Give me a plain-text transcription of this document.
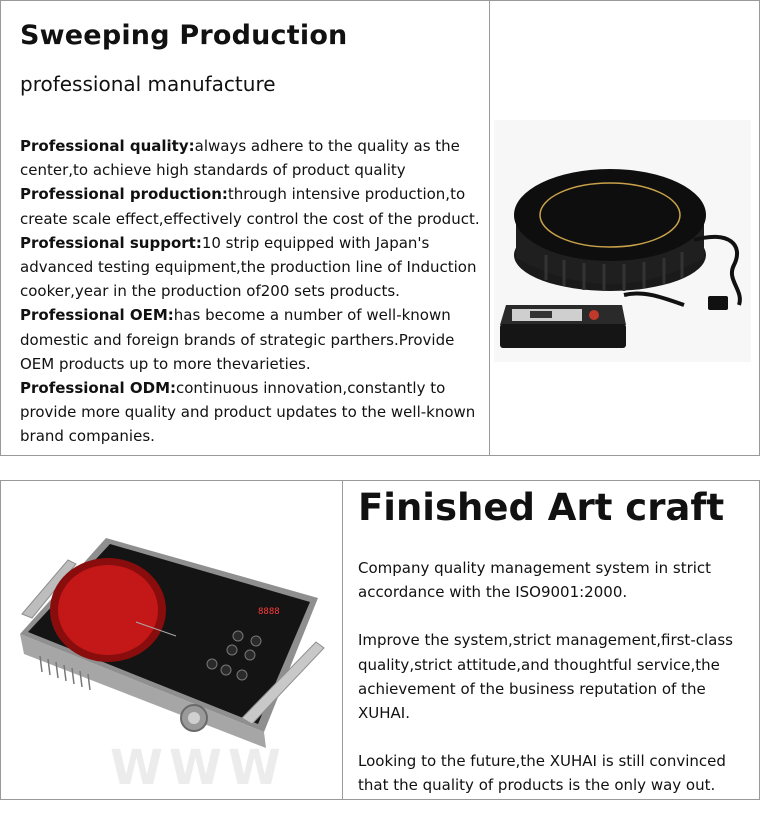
Sweeping Production
professional manufacture

Professional quality:always adhere to the quality as the center,to achieve high standards of product quality

Professional production:through intensive production,to create scale effect,effectively control the cost of the product.

Professional support:10 strip equipped with Japan's advanced testing equipment,the production line of Induction cooker,year in the production of200 sets products.

Professional OEM:has become a number of well-known domestic and foreign brands of strategic parthers.Provide OEM products up to more thevarieties.

Professional ODM:continuous innovation,constantly to provide more quality and product updates to the well-known brand companies.

8888
Finished Art craft

Company quality management system in strict accordance with the ISO9001:2000.

Improve the system,strict management,first-class quality,strict attitude,and thoughtful service,the achievement of the business reputation of the XUHAI.

Looking to the future,the XUHAI is still convinced that the quality of products is the only way out.

WWW
